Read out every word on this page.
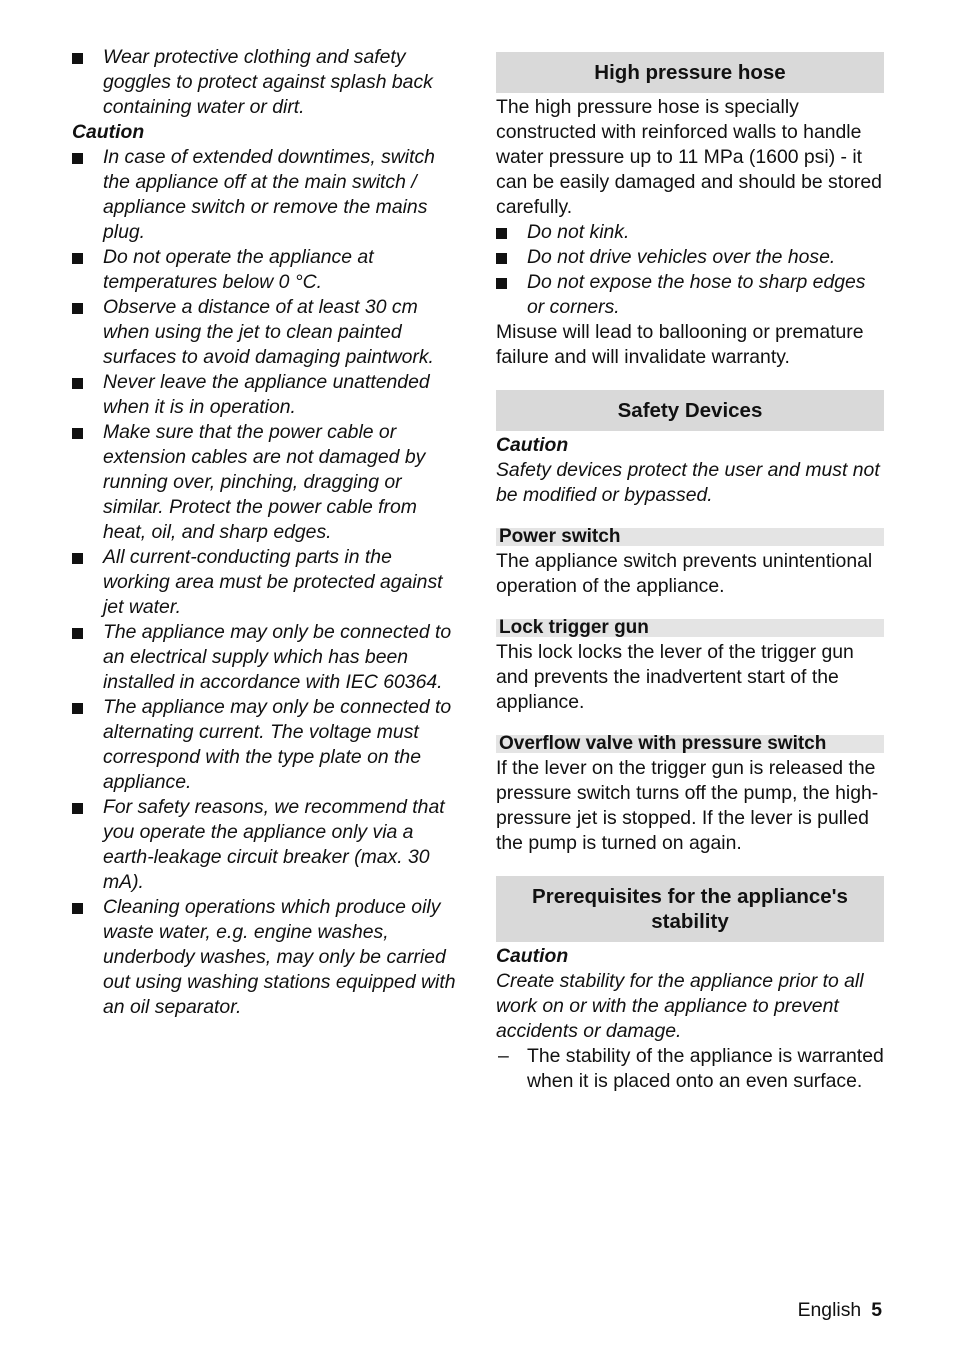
Wear protective clothing and safety goggles to protect against splash back containing water or dirt.
Caution
In case of extended downtimes, switch the appliance off at the main switch / appliance switch or remove the mains plug.
Do not operate the appliance at temperatures below 0 °C.
Observe a distance of at least 30 cm when using the jet to clean painted surfaces to avoid damaging paintwork.
Never leave the appliance unattended when it is in operation.
Make sure that the power cable or extension cables are not damaged by running over, pinching, dragging or similar. Protect the power cable from heat, oil, and sharp edges.
All current-conducting parts in the working area must be protected against jet water.
The appliance may only be connected to an electrical supply which has been installed in accordance with IEC 60364.
The appliance may only be connected to alternating current. The voltage must correspond with the type plate on the appliance.
For safety reasons, we recommend that you operate the appliance only via a earth-leakage circuit breaker (max. 30 mA).
Cleaning operations which produce oily waste water, e.g. engine washes, underbody washes, may only be carried out using washing stations equipped with an oil separator.
High pressure hose

The high pressure hose is specially constructed with reinforced walls to handle water pressure up to 11 MPa (1600 psi) - it can be easily damaged and should be stored carefully.

Do not kink.
Do not drive vehicles over the hose.
Do not expose the hose to sharp edges or corners.

Misuse will lead to ballooning or premature failure and will invalidate warranty.

Safety Devices
Caution

Safety devices protect the user and must not be modified or bypassed.

Power switch

The appliance switch prevents unintentional operation of the appliance.

Lock trigger gun

This lock locks the lever of the trigger gun and prevents the inadvertent start of the appliance.

Overflow valve with pressure switch

If the lever on the trigger gun is released the pressure switch turns off the pump, the high-pressure jet is stopped. If the lever is pulled the pump is turned on again.

Prerequisites for the appliance's stability
Caution

Create stability for the appliance prior to all work on or with the appliance to prevent accidents or damage.

– The stability of the appliance is warranted when it is placed onto an even surface.
English 5
